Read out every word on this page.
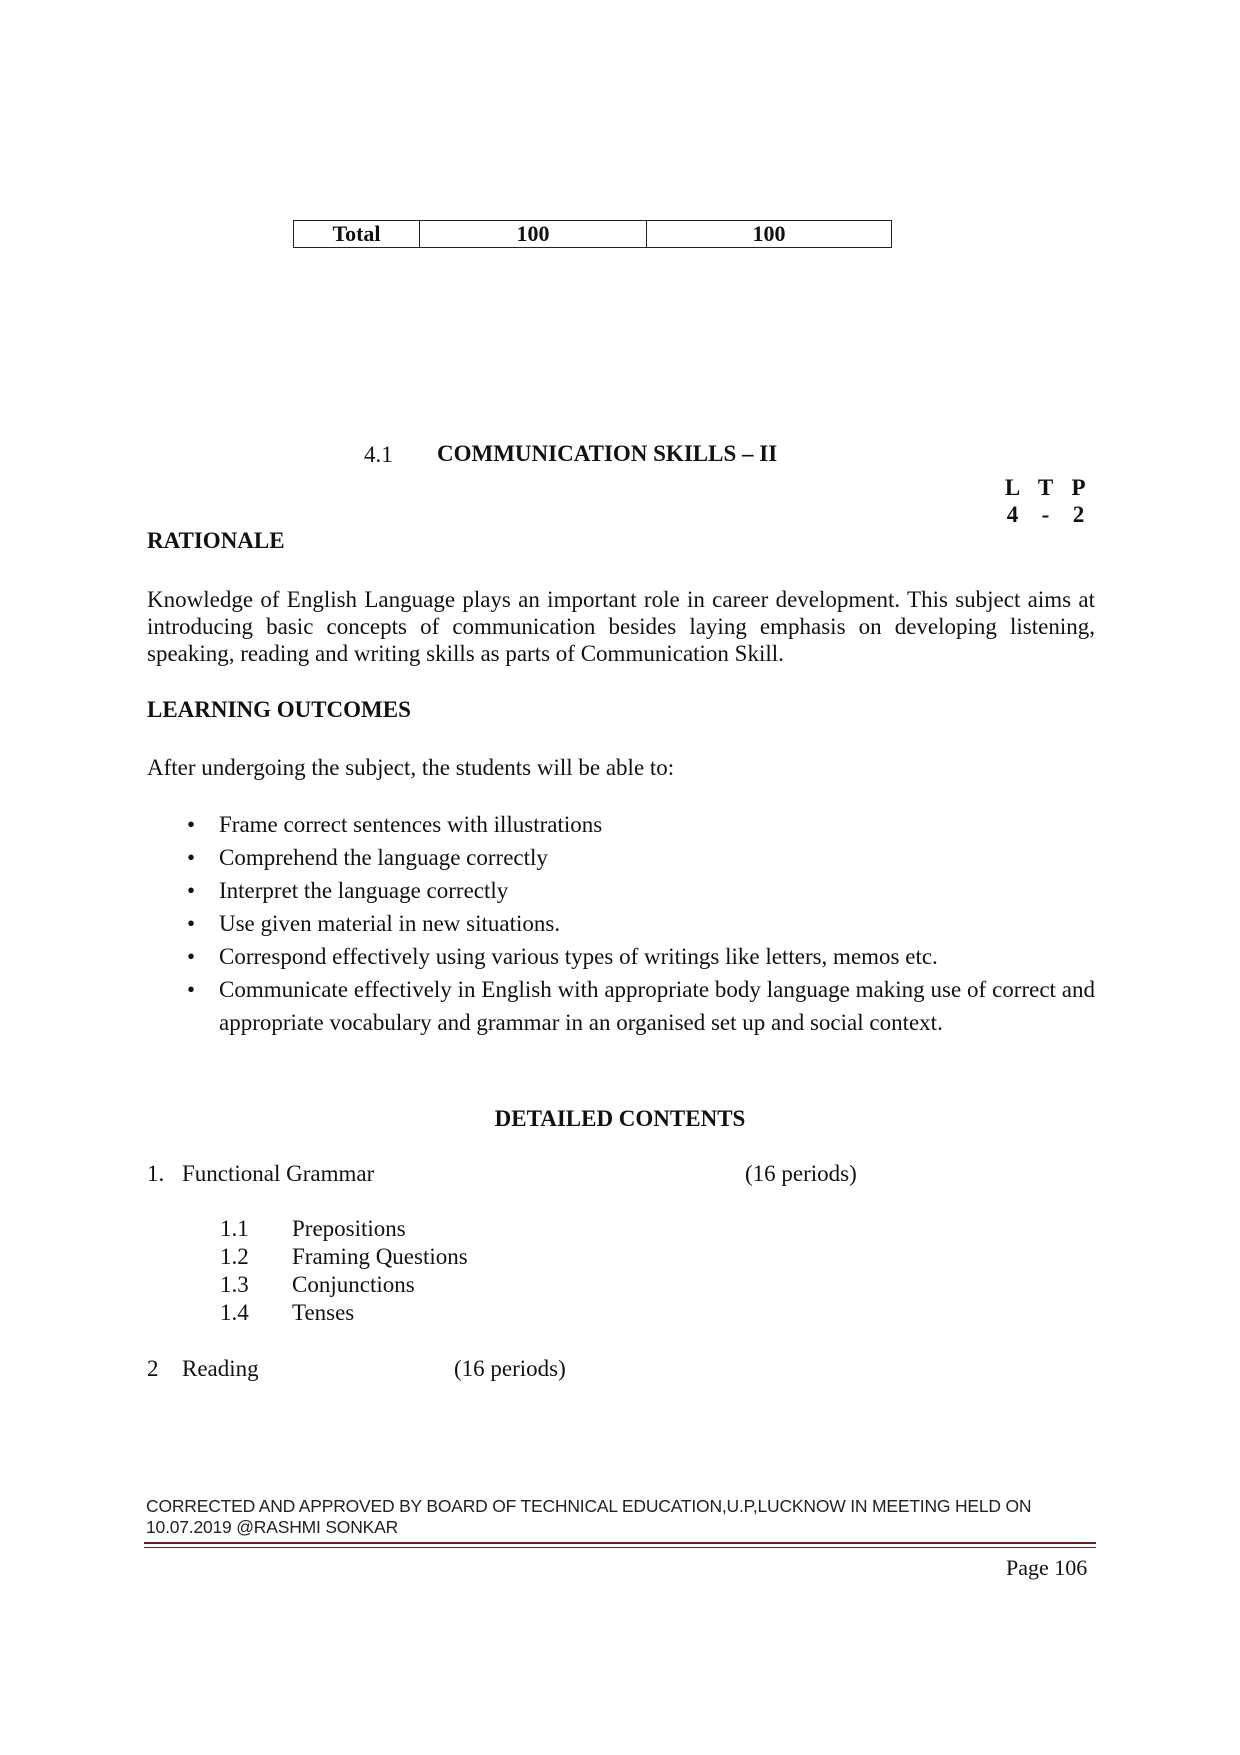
Total	100	100
4.1 COMMUNICATION SKILLS – II
L T P
4	-	2
RATIONALE
Knowledge of English Language plays an important role in career development. This subject aims at introducing basic concepts of communication besides laying emphasis on developing listening, speaking, reading and writing skills as parts of Communication Skill.
LEARNING OUTCOMES
After undergoing the subject, the students will be able to:
• Frame correct sentences with illustrations
• Comprehend the language correctly
• Interpret the language correctly
• Use given material in new situations.
• Correspond effectively using various types of writings like letters, memos etc.
• Communicate effectively in English with appropriate body language making use of correct and appropriate vocabulary and grammar in an organised set up and social context.
DETAILED CONTENTS
1. Functional Grammar	(16 periods)
1.1 Prepositions
1.2 Framing Questions
1.3 Conjunctions
1.4 Tenses
2 Reading	(16 periods)
CORRECTED AND APPROVED BY BOARD OF TECHNICAL EDUCATION,U.P,LUCKNOW IN MEETING HELD ON
10.07.2019 @RASHMI SONKAR
Page 106
